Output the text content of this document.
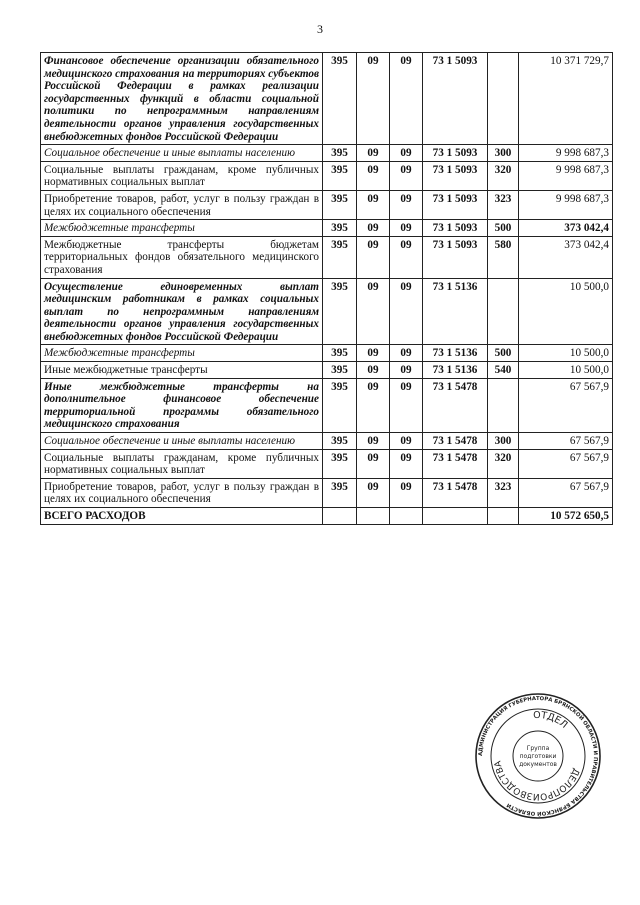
3
Финансовое обеспечение организации обязательного медицинского страхования на территориях субъектов Российской Федерации в рамках реализации государственных функций в области социальной политики по непрограммным направлениям деятельности органов управления государственных внебюджетных фондов Российской Федерации	395	09	09	73 1 5093		10 371 729,7
Социальное обеспечение и иные выплаты населению	395	09	09	73 1 5093	300	9 998 687,3
Социальные выплаты гражданам, кроме публичных нормативных социальных выплат	395	09	09	73 1 5093	320	9 998 687,3
Приобретение товаров, работ, услуг в пользу граждан в целях их социального обеспечения	395	09	09	73 1 5093	323	9 998 687,3
Межбюджетные трансферты	395	09	09	73 1 5093	500	373 042,4
Межбюджетные трансферты бюджетам территориальных фондов обязательного медицинского страхования	395	09	09	73 1 5093	580	373 042,4
Осуществление единовременных выплат медицинским работникам в рамках социальных выплат по непрограммным направлениям деятельности органов управления государственных внебюджетных фондов Российской Федерации	395	09	09	73 1 5136		10 500,0
Межбюджетные трансферты	395	09	09	73 1 5136	500	10 500,0
Иные межбюджетные трансферты	395	09	09	73 1 5136	540	10 500,0
Иные межбюджетные трансферты на дополнительное финансовое обеспечение территориальной программы обязательного медицинского страхования	395	09	09	73 1 5478		67 567,9
Социальное обеспечение и иные выплаты населению	395	09	09	73 1 5478	300	67 567,9
Социальные выплаты гражданам, кроме публичных нормативных социальных выплат	395	09	09	73 1 5478	320	67 567,9
Приобретение товаров, работ, услуг в пользу граждан в целях их социального обеспечения	395	09	09	73 1 5478	323	67 567,9
ВСЕГО РАСХОДОВ						10 572 650,5
АДМИНИСТРАЦИЯ ГУБЕРНАТОРА БРЯНСКОЙ ОБЛАСТИ И ПРАВИТЕЛЬСТВА БРЯНСКОЙ ОБЛАСТИ
ОТДЕЛ
ДЕЛОПРОИЗВОДСТВА
Группа
подготовки
документов
